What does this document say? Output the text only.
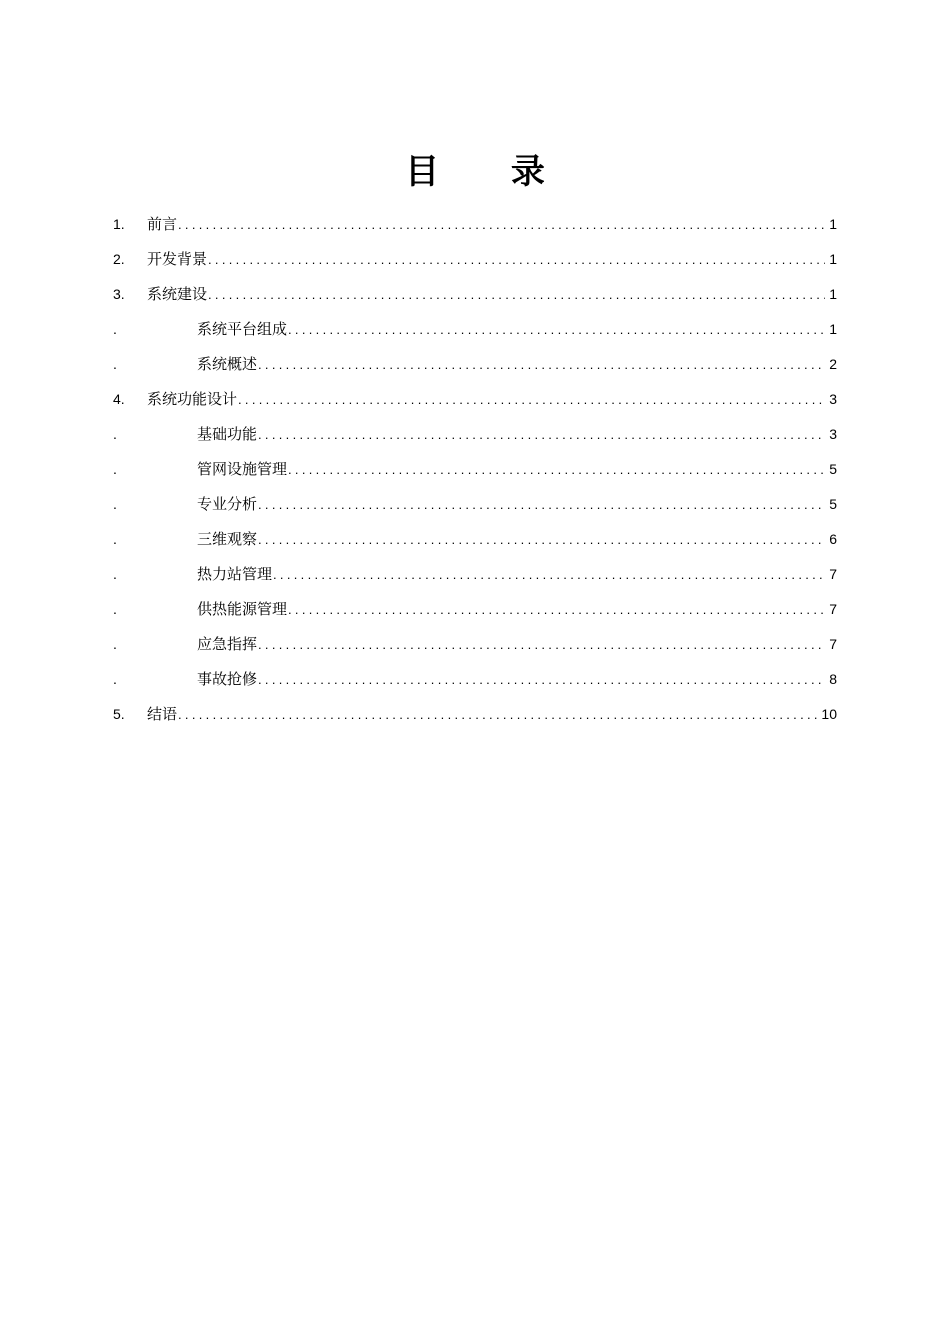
目 录
1.	前言 .....	1
2.	开发背景 .....	1
3.	系统建设 .....	1
.	系统平台组成 .....	1
.	系统概述 .....	2
4.	系统功能设计 .....	3
.	基础功能 .....	3
.	管网设施管理 .....	5
.	专业分析 .....	5
.	三维观察 .....	6
.	热力站管理 .....	7
.	供热能源管理 .....	7
.	应急指挥 .....	7
.	事故抢修 .....	8
5.	结语 .....	10
